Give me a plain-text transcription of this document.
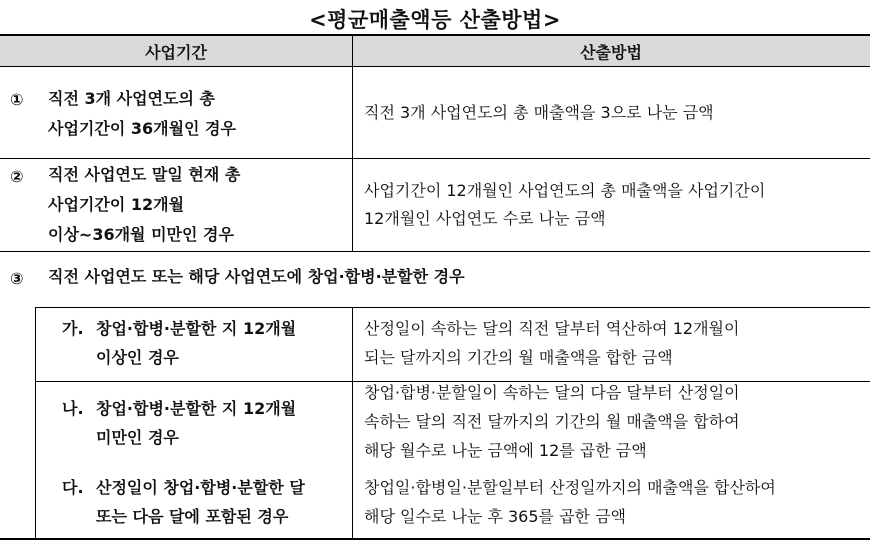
<평균매출액등 산출방법>
사업기간	산출방법
① 직전 3개 사업연도의 총
사업기간이 36개월인 경우
직전 3개 사업연도의 총 매출액을 3으로 나눈 금액
② 직전 사업연도 말일 현재 총
사업기간이 12개월
이상~36개월 미만인 경우
사업기간이 12개월인 사업연도의 총 매출액을 사업기간이
12개월인 사업연도 수로 나눈 금액
③ 직전 사업연도 또는 해당 사업연도에 창업·합병·분할한 경우
가. 창업·합병·분할한 지 12개월
이상인 경우
산정일이 속하는 달의 직전 달부터 역산하여 12개월이
되는 달까지의 기간의 월 매출액을 합한 금액
나. 창업·합병·분할한 지 12개월
미만인 경우
창업·합병·분할일이 속하는 달의 다음 달부터 산정일이
속하는 달의 직전 달까지의 기간의 월 매출액을 합하여
해당 월수로 나눈 금액에 12를 곱한 금액
다. 산정일이 창업·합병·분할한 달
또는 다음 달에 포함된 경우
창업일·합병일·분할일부터 산정일까지의 매출액을 합산하여
해당 일수로 나눈 후 365를 곱한 금액
